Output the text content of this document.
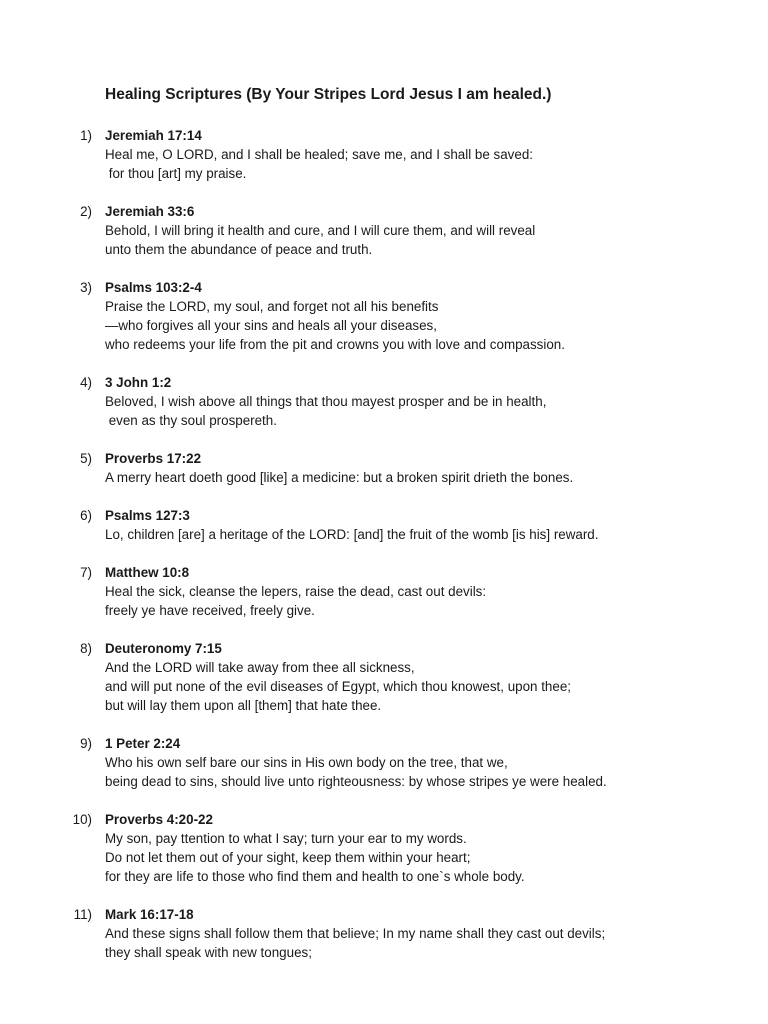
Healing Scriptures (By Your Stripes Lord Jesus I am healed.)
1) Jeremiah 17:14
Heal me, O LORD, and I shall be healed; save me, and I shall be saved:
for thou [art] my praise.
2) Jeremiah 33:6
Behold, I will bring it health and cure, and I will cure them, and will reveal
unto them the abundance of peace and truth.
3) Psalms 103:2-4
Praise the LORD, my soul, and forget not all his benefits
—who forgives all your sins and heals all your diseases,
who redeems your life from the pit and crowns you with love and compassion.
4) 3 John 1:2
Beloved, I wish above all things that thou mayest prosper and be in health,
even as thy soul prospereth.
5) Proverbs 17:22
A merry heart doeth good [like] a medicine: but a broken spirit drieth the bones.
6) Psalms 127:3
Lo, children [are] a heritage of the LORD: [and] the fruit of the womb [is his] reward.
7) Matthew 10:8
Heal the sick, cleanse the lepers, raise the dead, cast out devils:
freely ye have received, freely give.
8) Deuteronomy 7:15
And the LORD will take away from thee all sickness,
and will put none of the evil diseases of Egypt, which thou knowest, upon thee;
but will lay them upon all [them] that hate thee.
9) 1 Peter 2:24
Who his own self bare our sins in His own body on the tree, that we,
being dead to sins, should live unto righteousness: by whose stripes ye were healed.
10) Proverbs 4:20-22
My son, pay ttention to what I say; turn your ear to my words.
Do not let them out of your sight, keep them within your heart;
for they are life to those who find them and health to one`s whole body.
11) Mark 16:17-18
And these signs shall follow them that believe; In my name shall they cast out devils;
they shall speak with new tongues;
